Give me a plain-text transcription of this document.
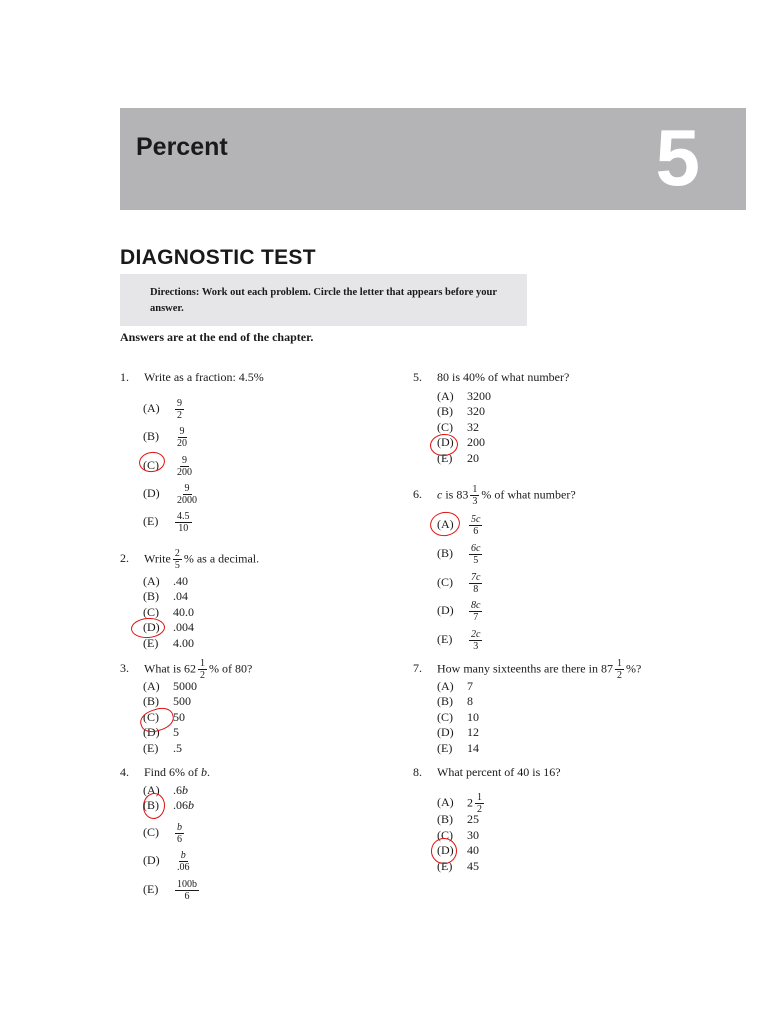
Percent	5
DIAGNOSTIC TEST
Directions: Work out each problem. Circle the letter that appears before your answer.
Answers are at the end of the chapter.
1. Write as a fraction: 4.5%
$(A) \frac{9}{2}$
$(B) \frac{9}{20}$
$(C) \frac{9}{200}$
$(D) \frac{9}{2000}$
$(E) \frac{4.5}{10}$
2. Write $\frac{2}{5}$ % as a decimal.
(A) .40
(B) .04
(C) 40.0
(D) .004
(E) 4.00
3. What is $62 \frac{1}{2}$ % of 80?
(A) 5000
(B) 500
(C) 50
(D) 5
(E) .5
4. Find 6% of b.
(A) .6b
(B) .06b
$(C) \frac{b}{6}$
$(D) \frac{b}{.06}$
$(E) \frac{100b}{6}$
5. 80 is 40% of what number?
(A) 3200
(B) 320
(C) 32
(D) 200
(E) 20
6. c is $83 \frac{1}{3}$ % of what number?
$(A) \frac{5c}{6}$
$(B) \frac{6c}{5}$
$(C) \frac{7c}{8}$
$(D) \frac{8c}{7}$
$(E) \frac{2c}{3}$
7. How many sixteenths are there in $87 \frac{1}{2}$ %?
(A) 7
(B) 8
(C) 10
(D) 12
(E) 14
8. What percent of 40 is 16?
(A) $2 \frac{1}{2}$
(B) 25
(C) 30
(D) 40
(E) 45
